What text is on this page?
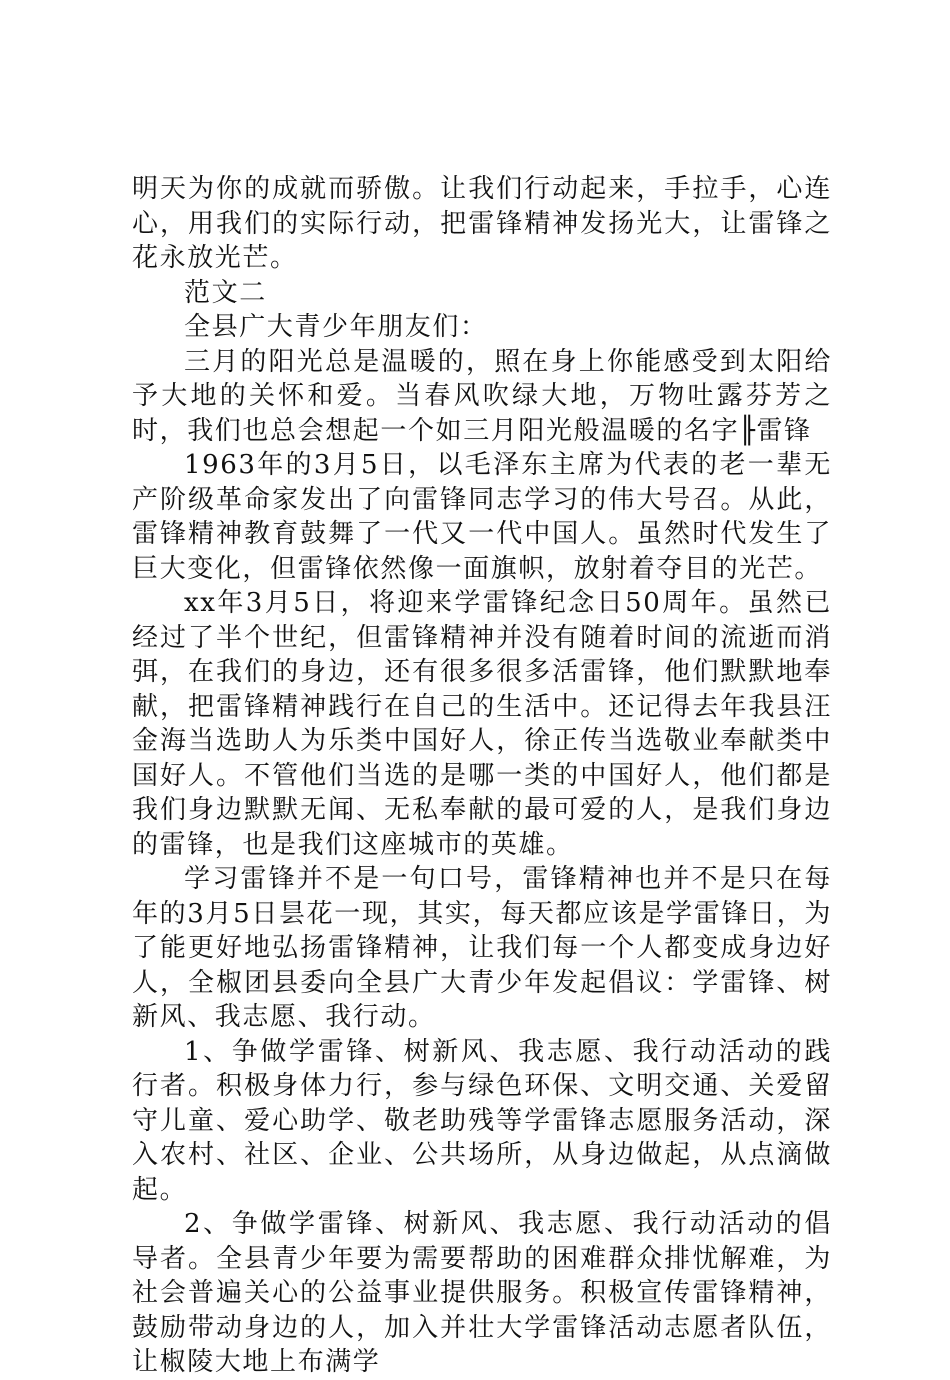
明天为你的成就而骄傲。让我们行动起来，手拉手，心连心，用我们的实际行动，把雷锋精神发扬光大，让雷锋之花永放光芒。

范文二

全县广大青少年朋友们：

三月的阳光总是温暖的，照在身上你能感受到太阳给予大地的关怀和爱。当春风吹绿大地，万物吐露芬芳之时，我们也总会想起一个如三月阳光般温暖的名字╟雷锋

1963年的3月5日，以毛泽东主席为代表的老一辈无产阶级革命家发出了向雷锋同志学习的伟大号召。从此，雷锋精神教育鼓舞了一代又一代中国人。虽然时代发生了巨大变化，但雷锋依然像一面旗帜，放射着夺目的光芒。

xx年3月5日，将迎来学雷锋纪念日50周年。虽然已经过了半个世纪，但雷锋精神并没有随着时间的流逝而消弭，在我们的身边，还有很多很多活雷锋，他们默默地奉献，把雷锋精神践行在自己的生活中。还记得去年我县汪金海当选助人为乐类中国好人，徐正传当选敬业奉献类中国好人。不管他们当选的是哪一类的中国好人，他们都是我们身边默默无闻、无私奉献的最可爱的人，是我们身边的雷锋，也是我们这座城市的英雄。

学习雷锋并不是一句口号，雷锋精神也并不是只在每年的3月5日昙花一现，其实，每天都应该是学雷锋日，为了能更好地弘扬雷锋精神，让我们每一个人都变成身边好人，全椒团县委向全县广大青少年发起倡议：学雷锋、树新风、我志愿、我行动。

1、争做学雷锋、树新风、我志愿、我行动活动的践行者。积极身体力行，参与绿色环保、文明交通、关爱留守儿童、爱心助学、敬老助残等学雷锋志愿服务活动，深入农村、社区、企业、公共场所，从身边做起，从点滴做起。

2、争做学雷锋、树新风、我志愿、我行动活动的倡导者。全县青少年要为需要帮助的困难群众排忧解难，为社会普遍关心的公益事业提供服务。积极宣传雷锋精神，鼓励带动身边的人，加入并壮大学雷锋活动志愿者队伍，让椒陵大地上布满学
